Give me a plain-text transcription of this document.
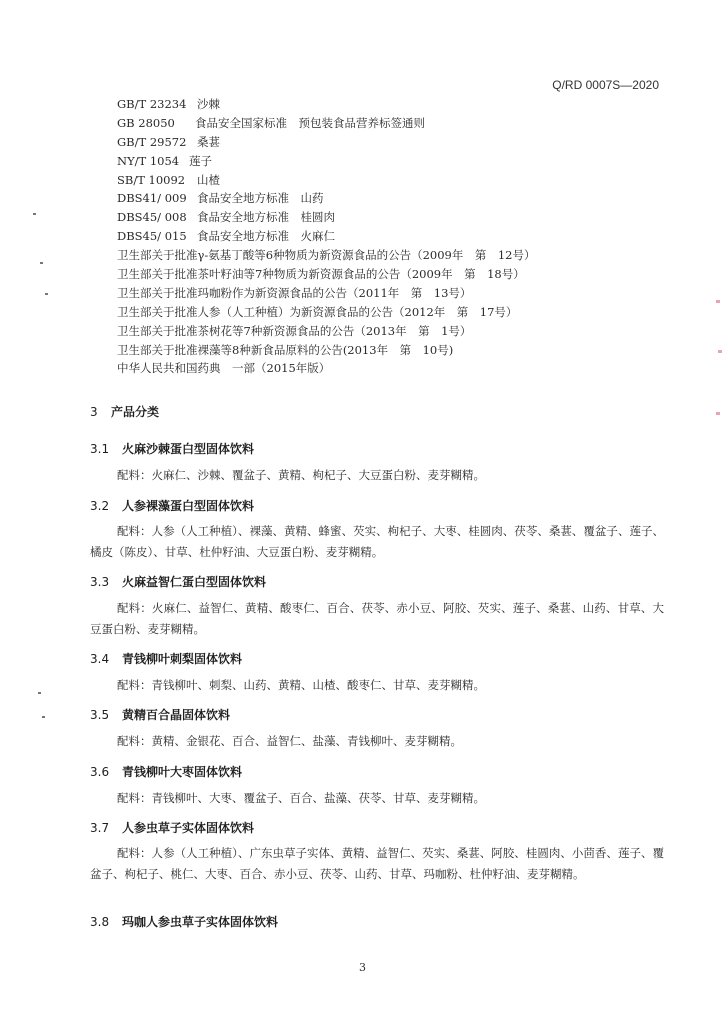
Q/RD 0007S—2020
GB/T 23234 沙棘
GB 28050 食品安全国家标准　预包装食品营养标签通则
GB/T 29572 桑葚
NY/T 1054 莲子
SB/T 10092 山楂
DBS41/ 009 食品安全地方标准　山药
DBS45/ 008 食品安全地方标准　桂圆肉
DBS45/ 015 食品安全地方标准　火麻仁
卫生部关于批准γ-氨基丁酸等6种物质为新资源食品的公告（2009年　第　12号）
卫生部关于批准茶叶籽油等7种物质为新资源食品的公告（2009年　第　18号）
卫生部关于批准玛咖粉作为新资源食品的公告（2011年　第　13号）
卫生部关于批准人参（人工种植）为新资源食品的公告（2012年　第　17号）
卫生部关于批准茶树花等7种新资源食品的公告（2013年　第　1号）
卫生部关于批准裸藻等8种新食品原料的公告(2013年　第　10号)
中华人民共和国药典　一部（2015年版）
3 产品分类
3.1 火麻沙棘蛋白型固体饮料

配料：火麻仁、沙棘、覆盆子、黄精、枸杞子、大豆蛋白粉、麦芽糊精。

3.2 人参裸藻蛋白型固体饮料

配料：人参（人工种植）、裸藻、黄精、蜂蜜、芡实、枸杞子、大枣、桂圆肉、茯苓、桑葚、覆盆子、莲子、橘皮（陈皮）、甘草、杜仲籽油、大豆蛋白粉、麦芽糊精。

3.3 火麻益智仁蛋白型固体饮料

配料：火麻仁、益智仁、黄精、酸枣仁、百合、茯苓、赤小豆、阿胶、芡实、莲子、桑葚、山药、甘草、大豆蛋白粉、麦芽糊精。

3.4 青钱柳叶刺梨固体饮料

配料：青钱柳叶、刺梨、山药、黄精、山楂、酸枣仁、甘草、麦芽糊精。

3.5 黄精百合晶固体饮料

配料：黄精、金银花、百合、益智仁、盐藻、青钱柳叶、麦芽糊精。

3.6 青钱柳叶大枣固体饮料

配料：青钱柳叶、大枣、覆盆子、百合、盐藻、茯苓、甘草、麦芽糊精。

3.7 人参虫草子实体固体饮料

配料：人参（人工种植）、广东虫草子实体、黄精、益智仁、芡实、桑葚、阿胶、桂圆肉、小茴香、莲子、覆盆子、枸杞子、桃仁、大枣、百合、赤小豆、茯苓、山药、甘草、玛咖粉、杜仲籽油、麦芽糊精。

3.8 玛咖人参虫草子实体固体饮料
3
